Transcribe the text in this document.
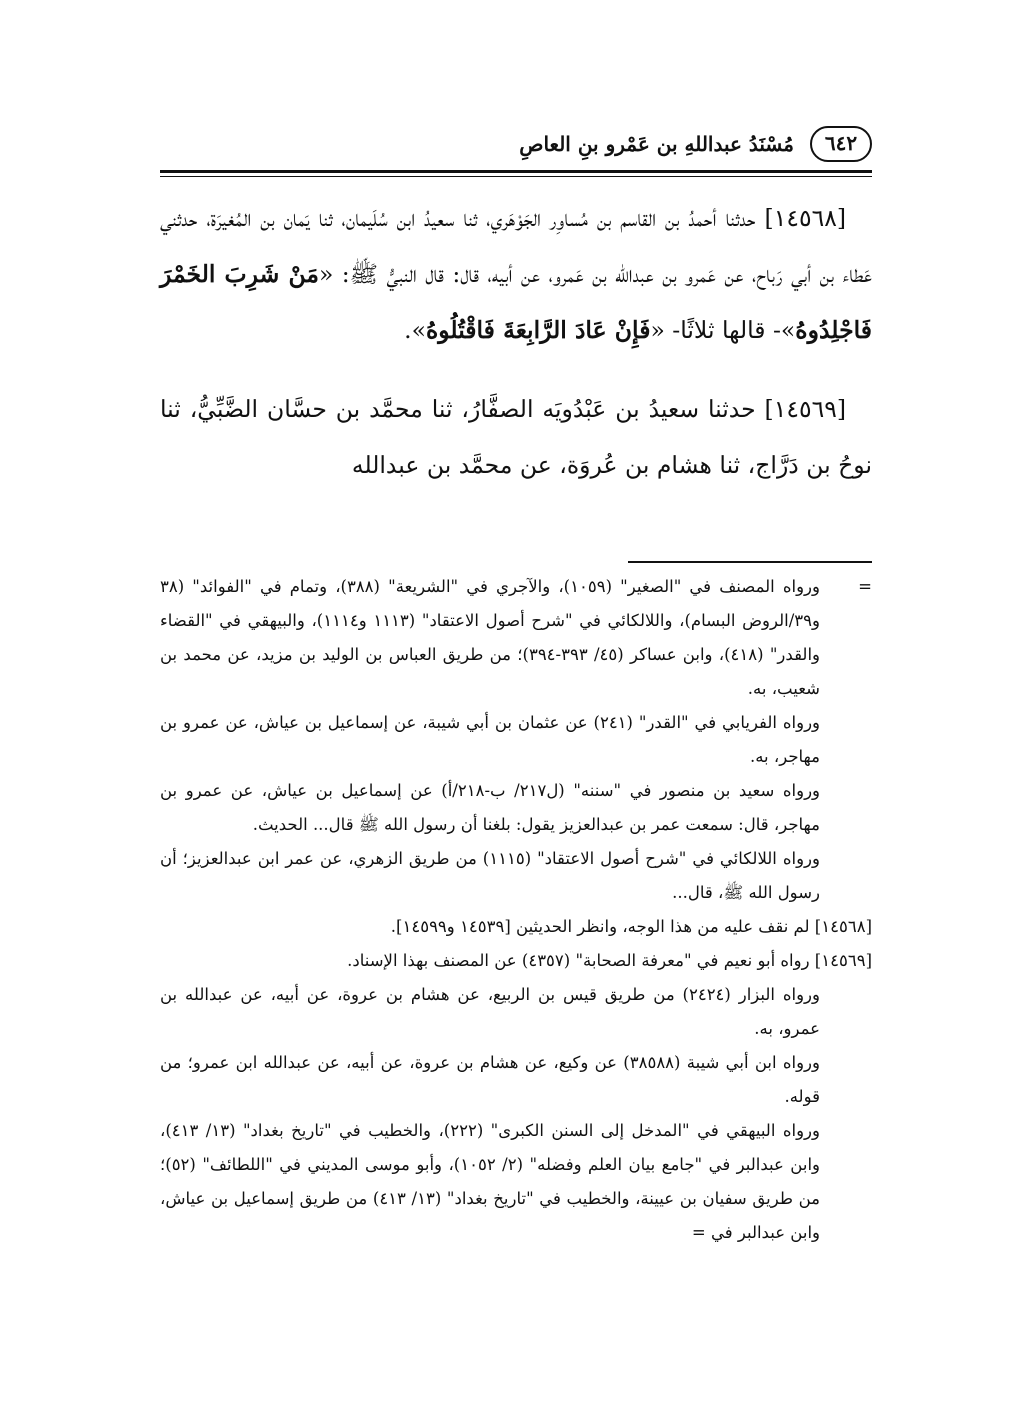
٦٤٢
مُسْنَدُ عبداللهِ بن عَمْرو بنِ العاصِ

[١٤٥٦٨] حدثنا أحمدُ بن القاسم بن مُساوِر الجَوْهَري، ثنا سعيدُ ابن سُلَيمان، ثنا يَمان بن المُغيرَة، حدثني عَطاء بن أبي رَباح، عن عَمرو بن عبدالله بن عَمرو، عن أبيه، قال: قال النبيُّ ﷺ: «مَنْ شَرِبَ الخَمْرَ فَاجْلِدُوهُ»- قالها ثلاثًا- «فَإِنْ عَادَ الرَّابِعَةَ فَاقْتُلُوهُ».

[١٤٥٦٩] حدثنا سعيدُ بن عَبْدُويَه الصفَّارُ، ثنا محمَّد بن حسَّان الضَّبِّيُّ، ثنا نوحُ بن دَرَّاج، ثنا هشام بن عُروَة، عن محمَّد بن عبدالله

=
ورواه المصنف في "الصغير" (١٠٥٩)، والآجري في "الشريعة" (٣٨٨)، وتمام في "الفوائد" (٣٨ و٣٩/الروض البسام)، واللالكائي في "شرح أصول الاعتقاد" (١١١٣ و١١١٤)، والبيهقي في "القضاء والقدر" (٤١٨)، وابن عساكر (٤٥/ ٣٩٣-٣٩٤)؛ من طريق العباس بن الوليد بن مزيد، عن محمد بن شعيب، به.

ورواه الفريابي في "القدر" (٢٤١) عن عثمان بن أبي شيبة، عن إسماعيل بن عياش، عن عمرو بن مهاجر، به.

ورواه سعيد بن منصور في "سننه" (ل٢١٧/ ب-٢١٨/أ) عن إسماعيل بن عياش، عن عمرو بن مهاجر، قال: سمعت عمر بن عبدالعزيز يقول: بلغنا أن رسول الله ﷺ قال... الحديث.

ورواه اللالكائي في "شرح أصول الاعتقاد" (١١١٥) من طريق الزهري، عن عمر ابن عبدالعزيز؛ أن رسول الله ﷺ، قال...

[١٤٥٦٨] لم نقف عليه من هذا الوجه، وانظر الحديثين [١٤٥٣٩ و١٤٥٩٩].

[١٤٥٦٩] رواه أبو نعيم في "معرفة الصحابة" (٤٣٥٧) عن المصنف بهذا الإسناد.

ورواه البزار (٢٤٢٤) من طريق قيس بن الربيع، عن هشام بن عروة، عن أبيه، عن عبدالله بن عمرو، به.

ورواه ابن أبي شيبة (٣٨٥٨٨) عن وكيع، عن هشام بن عروة، عن أبيه، عن عبدالله ابن عمرو؛ من قوله.

ورواه البيهقي في "المدخل إلى السنن الكبرى" (٢٢٢)، والخطيب في "تاريخ بغداد" (١٣/ ٤١٣)، وابن عبدالبر في "جامع بيان العلم وفضله" (٢/ ١٠٥٢)، وأبو موسى المديني في "اللطائف" (٥٢)؛ من طريق سفيان بن عيينة، والخطيب في "تاريخ بغداد" (١٣/ ٤١٣) من طريق إسماعيل بن عياش، وابن عبدالبر في =
